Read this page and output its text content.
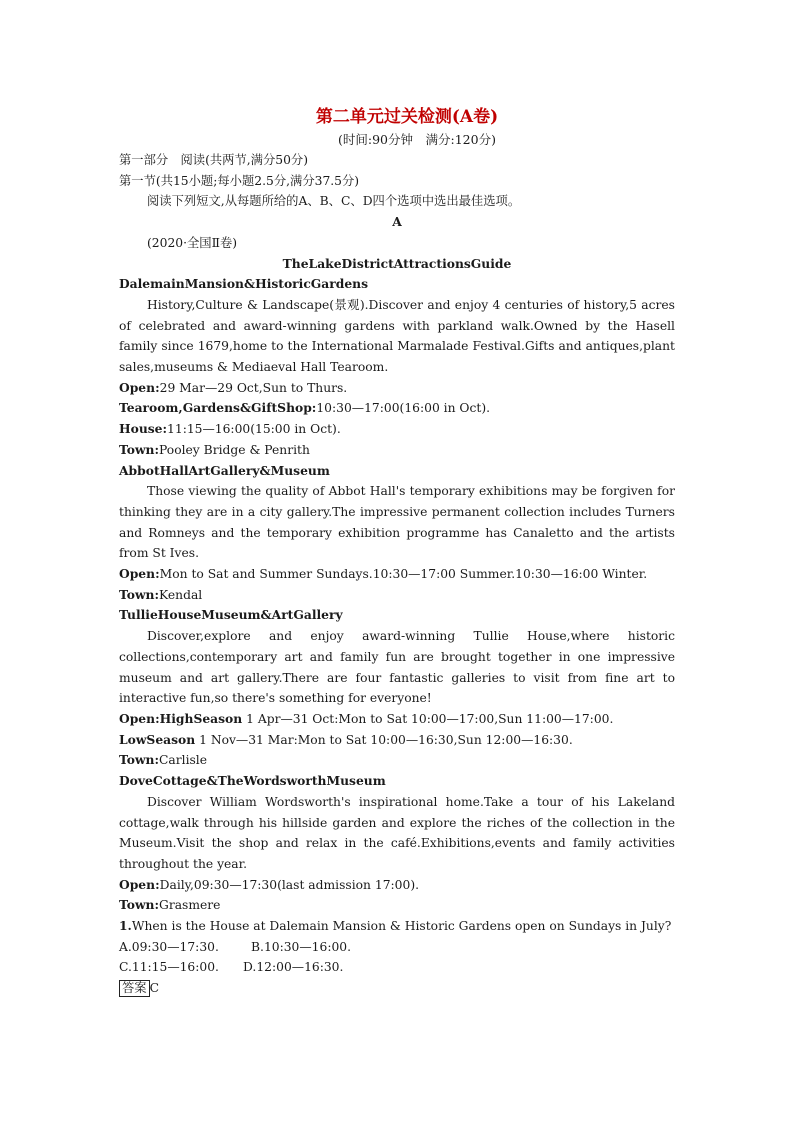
第二单元过关检测(A卷)
(时间:90分钟　满分:120分)
第一部分　阅读(共两节,满分50分)
第一节(共15小题;每小题2.5分,满分37.5分)
阅读下列短文,从每题所给的A、B、C、D四个选项中选出最佳选项。
A
(2020·全国Ⅱ卷)
TheLakeDistrictAttractionsGuide
DalemainMansion&HistoricGardens
History,Culture & Landscape(景观).Discover and enjoy 4 centuries of history,5 acres of celebrated and award-winning gardens with parkland walk.Owned by the Hasell family since 1679,home to the International Marmalade Festival.Gifts and antiques,plant sales,museums & Mediaeval Hall Tearoom.
Open:29 Mar—29 Oct,Sun to Thurs.
Tearoom,Gardens&GiftShop:10:30—17:00(16:00 in Oct).
House:11:15—16:00(15:00 in Oct).
Town:Pooley Bridge & Penrith
AbbotHallArtGallery&Museum
Those viewing the quality of Abbot Hall's temporary exhibitions may be forgiven for thinking they are in a city gallery.The impressive permanent collection includes Turners and Romneys and the temporary exhibition programme has Canaletto and the artists from St Ives.
Open:Mon to Sat and Summer Sundays.10:30—17:00 Summer.10:30—16:00 Winter.
Town:Kendal
TullieHouseMuseum&ArtGallery
Discover,explore and enjoy award-winning Tullie House,where historic collections,contemporary art and family fun are brought together in one impressive museum and art gallery.There are four fantastic galleries to visit from fine art to interactive fun,so there's something for everyone!
Open:HighSeason 1 Apr—31 Oct:Mon to Sat 10:00—17:00,Sun 11:00—17:00.
LowSeason 1 Nov—31 Mar:Mon to Sat 10:00—16:30,Sun 12:00—16:30.
Town:Carlisle
DoveCottage&TheWordsworthMuseum
Discover William Wordsworth's inspirational home.Take a tour of his Lakeland cottage,walk through his hillside garden and explore the riches of the collection in the Museum.Visit the shop and relax in the café.Exhibitions,events and family activities throughout the year.
Open:Daily,09:30—17:30(last admission 17:00).
Town:Grasmere
1.When is the House at Dalemain Mansion & Historic Gardens open on Sundays in July?
A.09:30—17:30.	B.10:30—16:00.
C.11:15—16:00. D.12:00—16:30.
答案 C
